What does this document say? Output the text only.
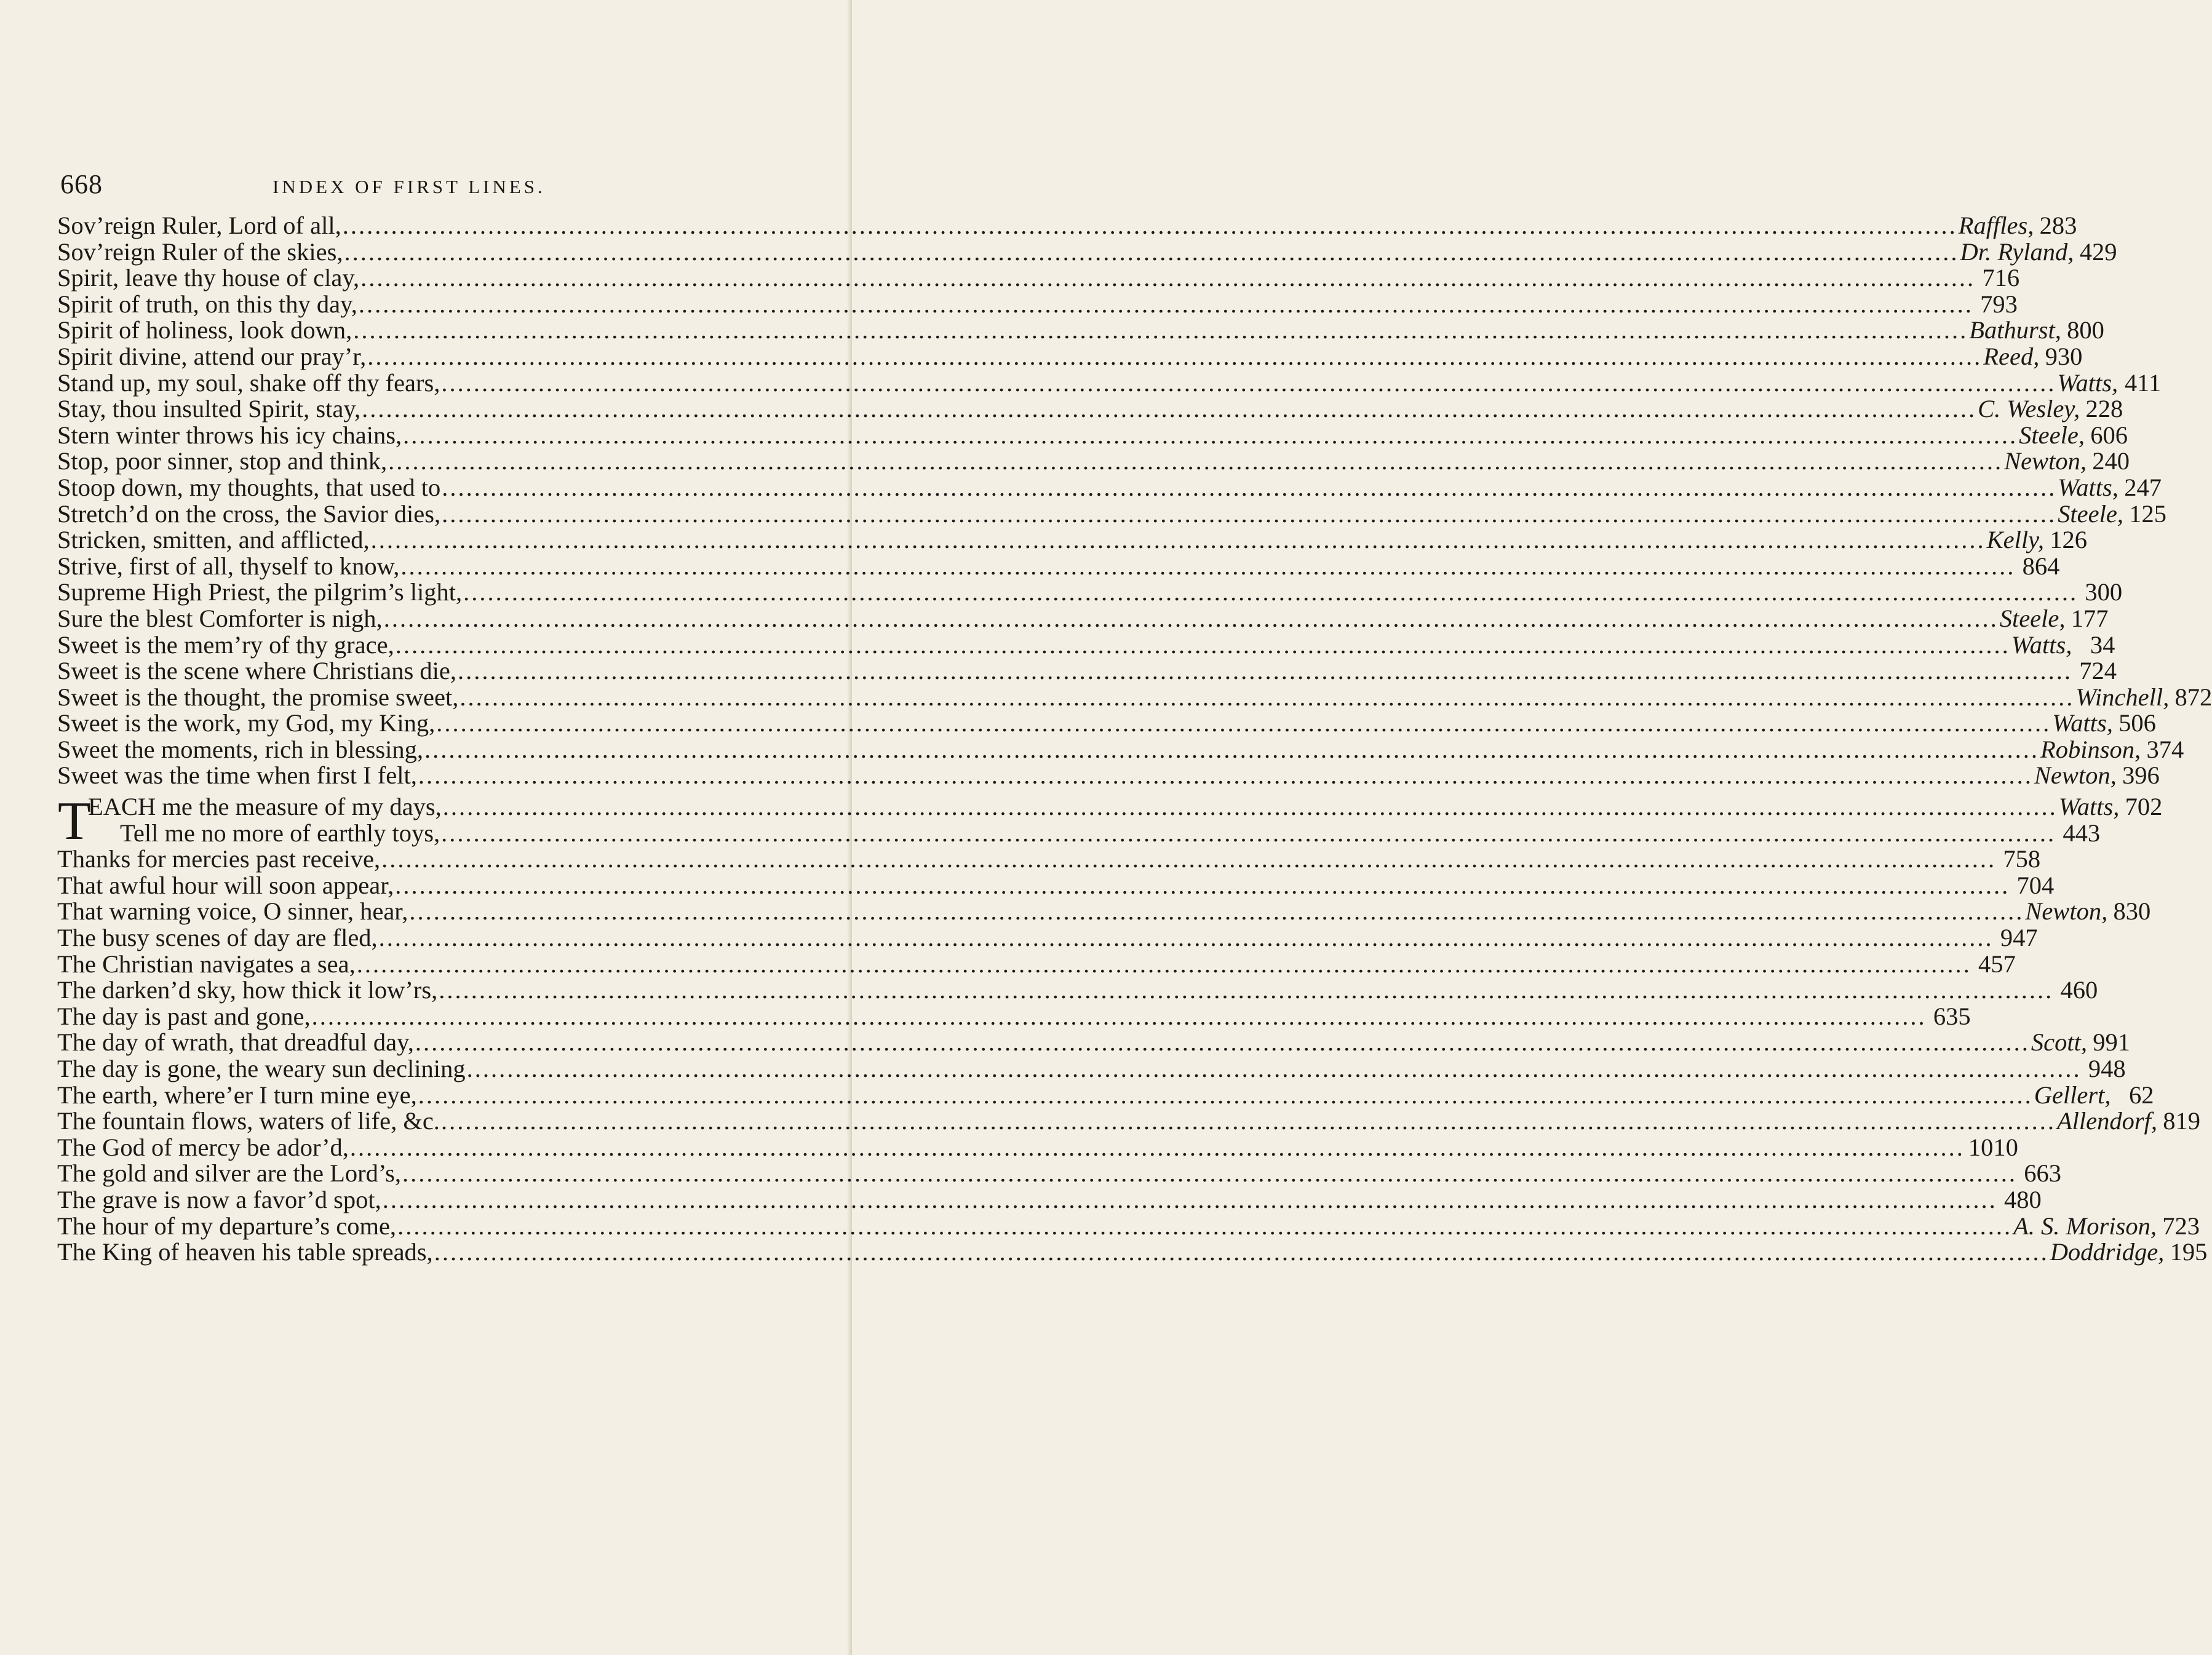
668	INDEX OF FIRST LINES.
Sov’reign Ruler, Lord of all, .....	Raffles, 283
Sov’reign Ruler of the skies, .....	Dr. Ryland, 429
Spirit, leave thy house of clay, .....	716
Spirit of truth, on this thy day, .....	793
Spirit of holiness, look down, .....	Bathurst, 800
Spirit divine, attend our pray’r, .....	Reed, 930
Stand up, my soul, shake off thy fears, .....	Watts, 411
Stay, thou insulted Spirit, stay, .....	C. Wesley, 228
Stern winter throws his icy chains, .....	Steele, 606
Stop, poor sinner, stop and think, .....	Newton, 240
Stoop down, my thoughts, that used to .....	Watts, 247
Stretch’d on the cross, the Savior dies, .....	Steele, 125
Stricken, smitten, and afflicted, .....	Kelly, 126
Strive, first of all, thyself to know, .....	864
Supreme High Priest, the pilgrim’s light, .....	300
Sure the blest Comforter is nigh, .....	Steele, 177
Sweet is the mem’ry of thy grace, .....	Watts, 34
Sweet is the scene where Christians die, .....	724
Sweet is the thought, the promise sweet, .....	Winchell, 872
Sweet is the work, my God, my King, .....	Watts, 506
Sweet the moments, rich in blessing, .....	Robinson, 374
Sweet was the time when first I felt, .....	Newton, 396
T
EACH me the measure of my days, .....	Watts, 702
Tell me no more of earthly toys, .....	443
Thanks for mercies past receive, .....	758
That awful hour will soon appear, .....	704
That warning voice, O sinner, hear, .....	Newton, 830
The busy scenes of day are fled, .....	947
The Christian navigates a sea, .....	457
The darken’d sky, how thick it low’rs, .....	460
The day is past and gone, .....	635
The day of wrath, that dreadful day, .....	Scott, 991
The day is gone, the weary sun declining .....	948
The earth, where’er I turn mine eye, .....	Gellert, 62
The fountain flows, waters of life, &c. .....	Allendorf, 819
The God of mercy be ador’d, .....	1010
The gold and silver are the Lord’s, .....	663
The grave is now a favor’d spot, .....	480
The hour of my departure’s come, .....	A. S. Morison, 723
The King of heaven his table spreads, .....	Doddridge, 195
